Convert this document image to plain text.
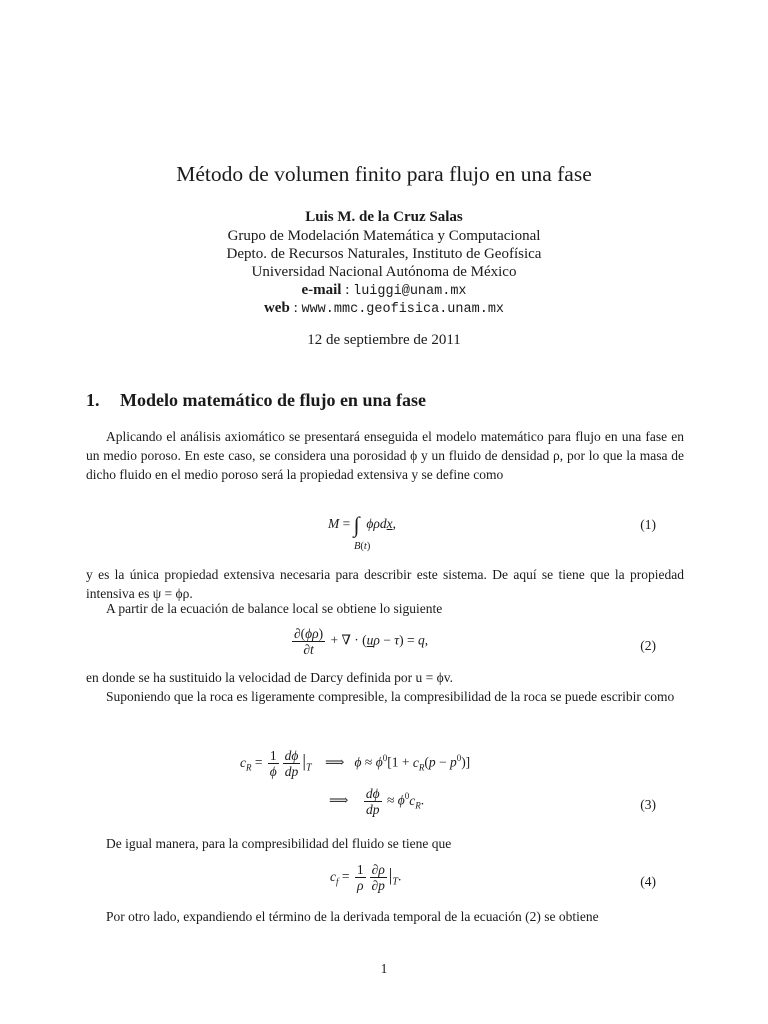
Método de volumen finito para flujo en una fase
Luis M. de la Cruz Salas
Grupo de Modelación Matemática y Computacional
Depto. de Recursos Naturales, Instituto de Geofísica
Universidad Nacional Autónoma de México
e-mail : luiggi@unam.mx
web : www.mmc.geofisica.unam.mx
12 de septiembre de 2011
1. Modelo matemático de flujo en una fase
Aplicando el análisis axiomático se presentará enseguida el modelo matemático para flujo en una fase en un medio poroso. En este caso, se considera una porosidad ϕ y un fluido de densidad ρ, por lo que la masa de dicho fluido en el medio poroso será la propiedad extensiva y se define como
M = ∫ ϕρdx,
B(t)
(1)
y es la única propiedad extensiva necesaria para describir este sistema. De aquí se tiene que la propiedad intensiva es ψ = ϕρ.
A partir de la ecuación de balance local se obtiene lo siguiente
$\frac{\partial(\phi\rho)}{\partial t}$ + ∇ · (uρ − τ) = q,	(2)
en donde se ha sustituido la velocidad de Darcy definida por u = ϕv.
Suponiendo que la roca es ligeramente compresible, la compresibilidad de la roca se puede escribir como
$c_R = \frac{1}{\phi} \frac{d\phi}{dp} |_T$    ⟹   $\phi \approx \phi^0[1 + c_R(p - p^0)]$
⟹ $\frac{d\phi}{dp} \approx \phi^0c_R$.	(3)
De igual manera, para la compresibilidad del fluido se tiene que
$c_f = \frac{1}{\rho} \frac{\partial\rho}{\partial p} |_T$.	(4)
Por otro lado, expandiendo el término de la derivada temporal de la ecuación (2) se obtiene
1
